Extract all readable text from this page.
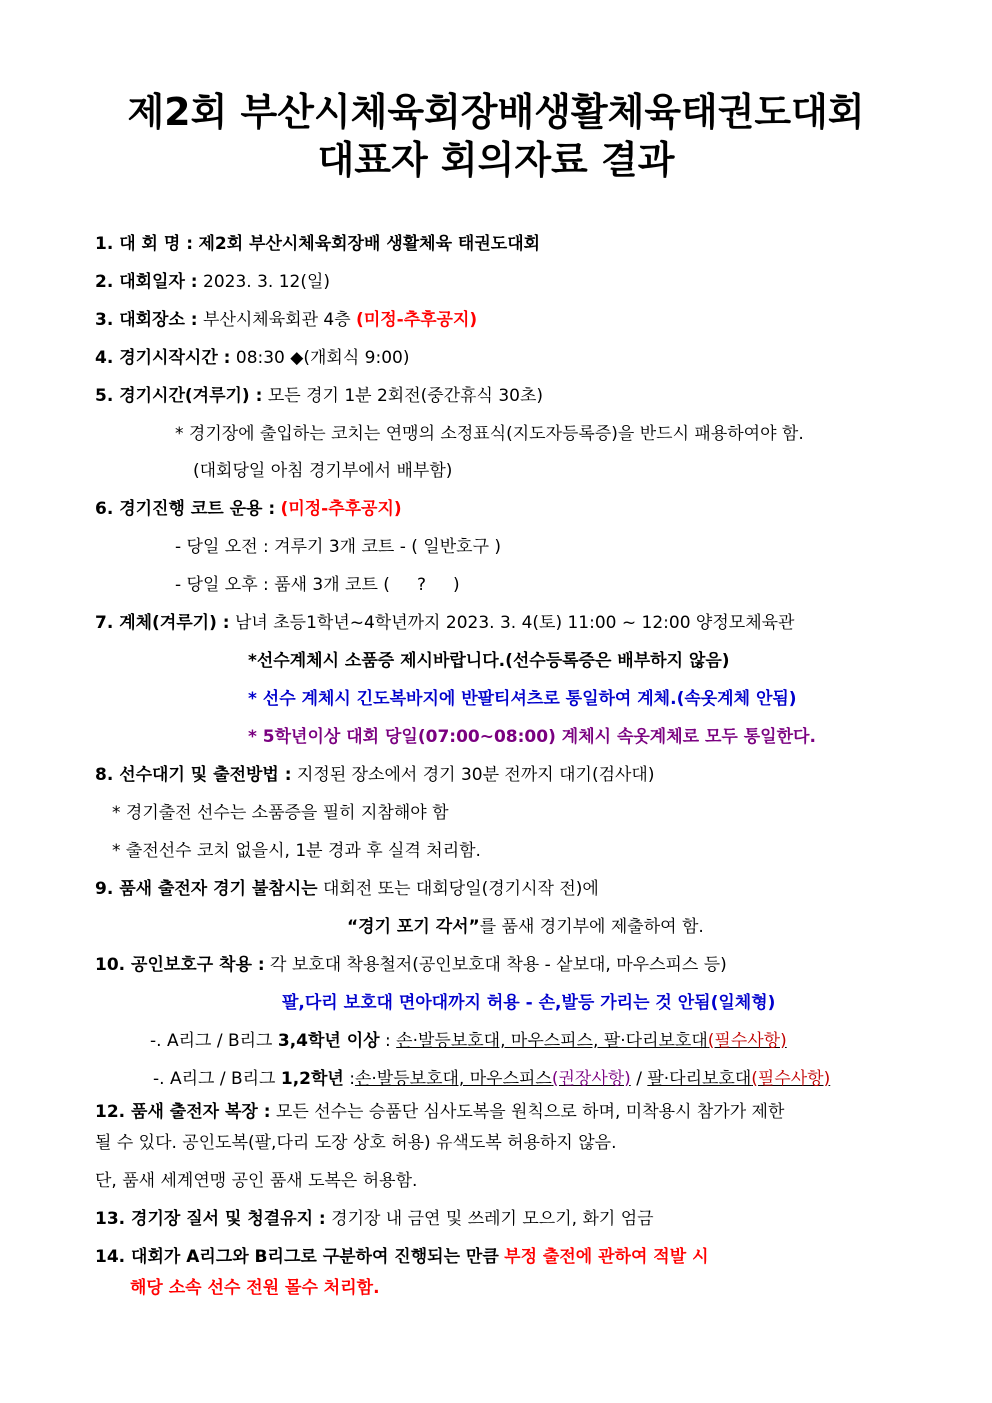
제2회 부산시체육회장배생활체육태권도대회
대표자 회의자료 결과
1. 대 회 명 : 제2회 부산시체육회장배 생활체육 태권도대회
2. 대회일자 : 2023. 3. 12(일)
3. 대회장소 : 부산시체육회관 4층 (미정-추후공지)
4. 경기시작시간 : 08:30 ◆(개회식 9:00)
5. 경기시간(겨루기) : 모든 경기 1분 2회전(중간휴식 30초)
* 경기장에 출입하는 코치는 연맹의 소정표식(지도자등록증)을 반드시 패용하여야 함.
(대회당일 아침 경기부에서 배부함)
6. 경기진행 코트 운용 : (미정-추후공지)
- 당일 오전 : 겨루기 3개 코트 - ( 일반호구 )
- 당일 오후 : 품새 3개 코트 (     ?     )
7. 계체(겨루기) : 남녀 초등1학년~4학년까지 2023. 3. 4(토) 11:00 ~ 12:00 양정모체육관
*선수계체시 소품증 제시바랍니다.(선수등록증은 배부하지 않음)
* 선수 계체시 긴도복바지에 반팔티셔츠로 통일하여 계체.(속옷계체 안됨)
* 5학년이상 대회 당일(07:00~08:00) 계체시 속옷계체로 모두 통일한다.
8. 선수대기 및 출전방법 : 지정된 장소에서 경기 30분 전까지 대기(검사대)
* 경기출전 선수는 소품증을 필히 지참해야 함
* 출전선수 코치 없을시, 1분 경과 후 실격 처리함.
9. 품새 출전자 경기 불참시는 대회전 또는 대회당일(경기시작 전)에
“경기 포기 각서”를 품새 경기부에 제출하여 함.
10. 공인보호구 착용 : 각 보호대 착용철저(공인보호대 착용 - 샅보대, 마우스피스 등)
팔,다리 보호대 면아대까지 허용 - 손,발등 가리는 것 안됨(일체형)
-. A리그 / B리그 3,4학년 이상 : 손·발등보호대, 마우스피스, 팔·다리보호대(필수사항)
-. A리그 / B리그 1,2학년 :손·발등보호대, 마우스피스(권장사항) / 팔·다리보호대(필수사항)
12. 품새 출전자 복장 : 모든 선수는 승품단 심사도복을 원칙으로 하며, 미착용시 참가가 제한
될 수 있다. 공인도복(팔,다리 도장 상호 허용) 유색도복 허용하지 않음.
단, 품새 세계연맹 공인 품새 도복은 허용함.
13. 경기장 질서 및 청결유지 : 경기장 내 금연 및 쓰레기 모으기, 화기 엄금
14. 대회가 A리그와 B리그로 구분하여 진행되는 만큼 부정 출전에 관하여 적발 시
해당 소속 선수 전원 몰수 처리함.
